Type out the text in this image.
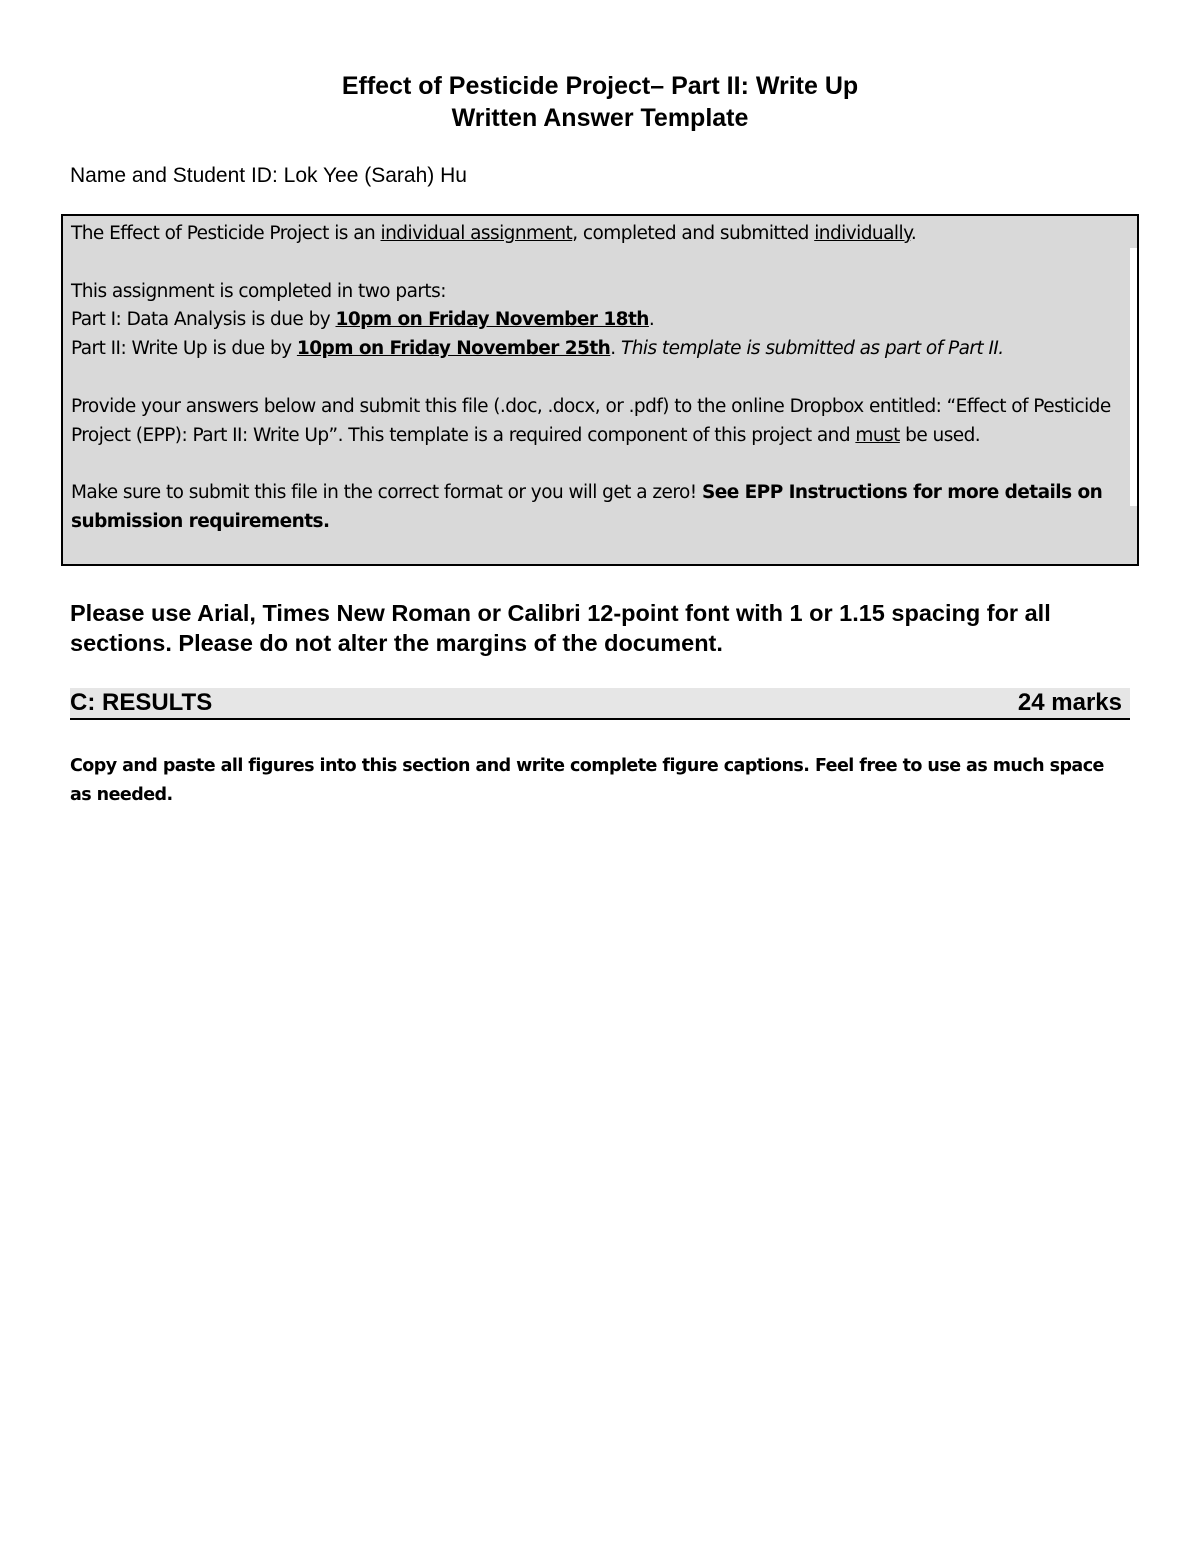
Effect of Pesticide Project– Part II: Write Up
Written Answer Template
Name and Student ID: Lok Yee (Sarah) Hu

The Effect of Pesticide Project is an individual assignment, completed and submitted individually.

This assignment is completed in two parts:

Part I: Data Analysis is due by 10pm on Friday November 18th.

Part II: Write Up is due by 10pm on Friday November 25th. This template is submitted as part of Part II.

Provide your answers below and submit this file (.doc, .docx, or .pdf) to the online Dropbox entitled: “Effect of Pesticide Project (EPP): Part II: Write Up”. This template is a required component of this project and must be used.

Make sure to submit this file in the correct format or you will get a zero! See EPP Instructions for more details on submission requirements.

Please use Arial, Times New Roman or Calibri 12-point font with 1 or 1.15 spacing for all sections. Please do not alter the margins of the document.
C: RESULTS	24 marks
Copy and paste all figures into this section and write complete figure captions. Feel free to use as much space as needed.
